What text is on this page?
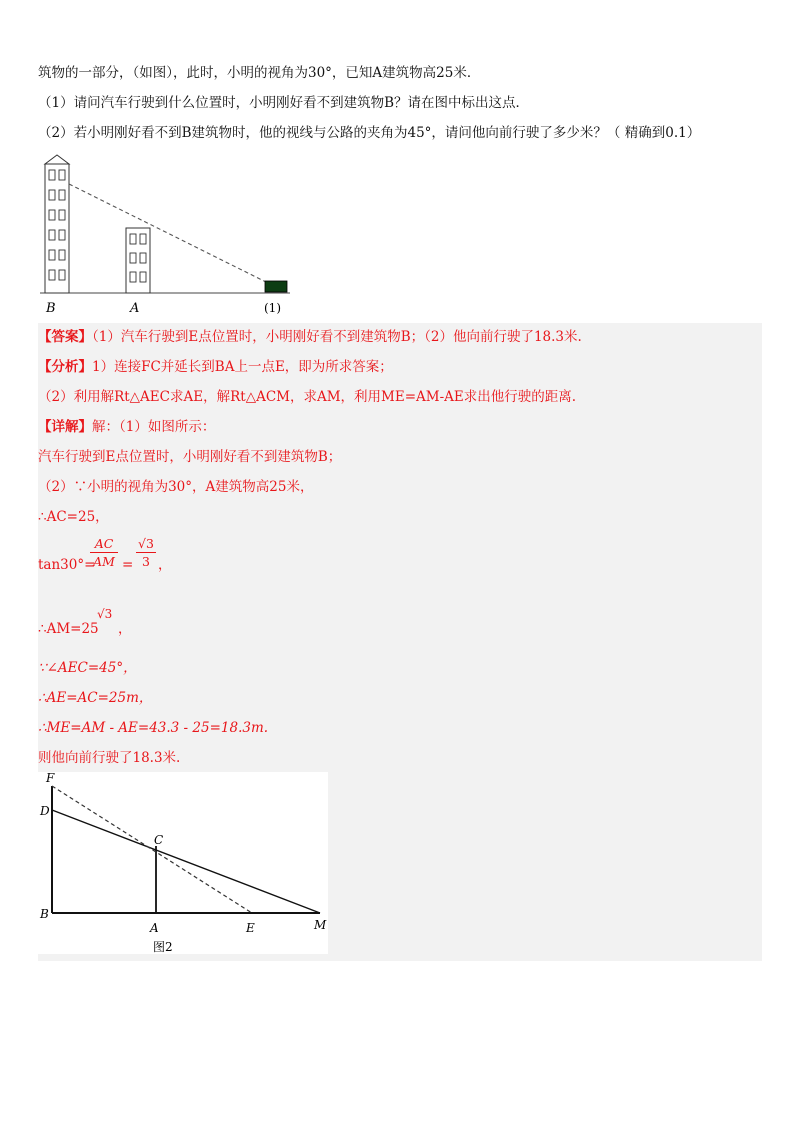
筑物的一部分，（如图），此时，小明的视角为30°，已知A建筑物高25米．
（1）请问汽车行驶到什么位置时，小明刚好看不到建筑物B？请在图中标出这点．
（2）若小明刚好看不到B建筑物时，他的视线与公路的夹角为45°，请问他向前行驶了多少米？（ 精确到0.1）
B	A	(1)
【答案】（1）汽车行驶到E点位置时，小明刚好看不到建筑物B；（2）他向前行驶了18.3米.
【分析】1）连接FC并延长到BA上一点E，即为所求答案；
（2）利用解Rt△AEC求AE，解Rt△ACM，求AM，利用ME=AM-AE求出他行驶的距离.
【详解】解：（1）如图所示：
汽车行驶到E点位置时，小明刚好看不到建筑物B；
（2）∵小明的视角为30°，A建筑物高25米，
∴AC=25，
tan30°=
AC
AM =
√3
3 ，
∴AM=25
√3
，
∵∠AEC=45°，
∴AE=AC=25m，
∴ME=AM - AE=43.3 - 25=18.3m.
则他向前行驶了18.3米.
F
D
C
B
A	E	M
图2
